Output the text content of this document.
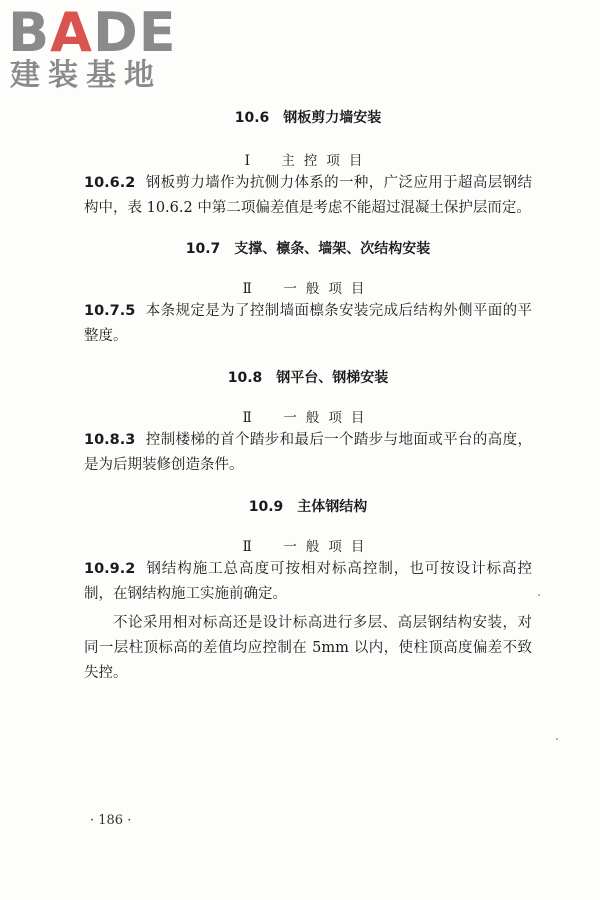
BADE
建装基地
10.6　钢板剪力墙安装

Ⅰ　主控项目

10.6.2 钢板剪力墙作为抗侧力体系的一种，广泛应用于超高层钢结构中，表 10.6.2 中第二项偏差值是考虑不能超过混凝土保护层而定。

10.7　支撑、檩条、墙架、次结构安装

Ⅱ　一般项目

10.7.5 本条规定是为了控制墙面檩条安装完成后结构外侧平面的平整度。

10.8　钢平台、钢梯安装

Ⅱ　一般项目

10.8.3 控制楼梯的首个踏步和最后一个踏步与地面或平台的高度，是为后期装修创造条件。

10.9　主体钢结构

Ⅱ　一般项目

10.9.2 钢结构施工总高度可按相对标高控制，也可按设计标高控制，在钢结构施工实施前确定。

不论采用相对标高还是设计标高进行多层、高层钢结构安装，对同一层柱顶标高的差值均应控制在 5mm 以内，使柱顶高度偏差不致失控。

· 186 ·
